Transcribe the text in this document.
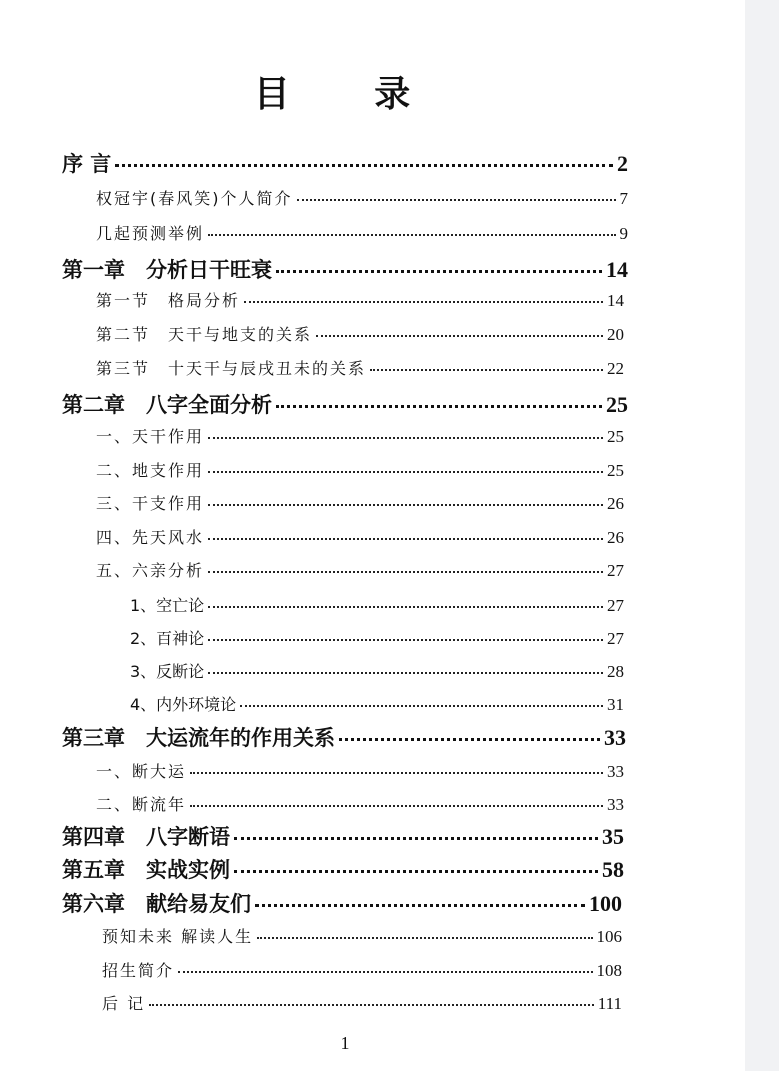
目 录
序 言	2
权冠宇(春风笑)个人简介	7
几起预测举例	9
第一章　分析日干旺衰	14
第一节　格局分析	14
第二节　天干与地支的关系	20
第三节　十天干与辰戌丑未的关系	22
第二章　八字全面分析	25
一、天干作用	25
二、地支作用	25
三、干支作用	26
四、先天风水	26
五、六亲分析	27
1、空亡论	27
2、百神论	27
3、反断论	28
4、内外环境论	31
第三章　大运流年的作用关系	33
一、断大运	33
二、断流年	33
第四章　八字断语	35
第五章　实战实例	58
第六章　献给易友们	100
预知未来 解读人生	106
招生简介	108
后 记	111
1
